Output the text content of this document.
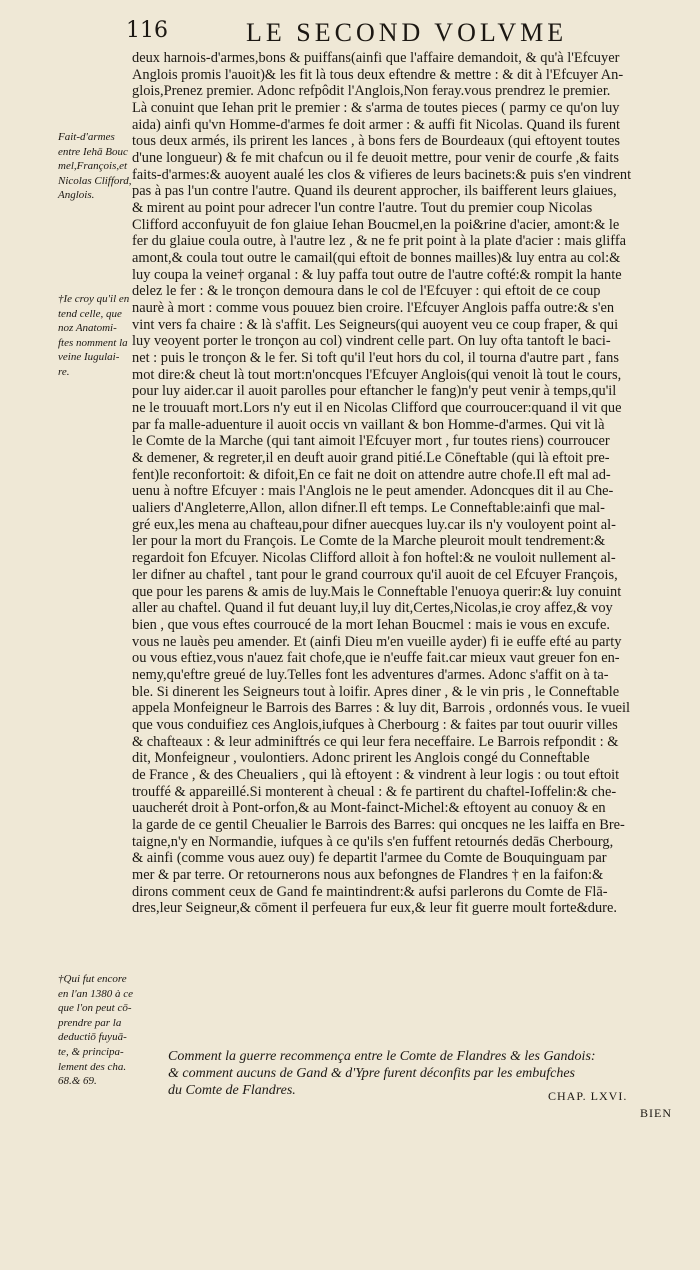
116	LE SECOND VOLVME
Fait-d'armes
entre Iehā Bouc
mel,François,et
Nicolas Clifford,
Anglois.
†Ie croy qu'il en
tend celle, que
noz Anatomi-
ftes nomment la
veine Iugulai-
re.
†Qui fut encore
en l'an 1380 à ce
que l'on peut cō-
prendre par la
deductiō fuyuā-
te, & principa-
lement des cha.
68.& 69.
deux harnois-d'armes,bons & puiffans(ainfi que l'affaire demandoit, & qu'à l'Efcuyer
Anglois promis l'auoit)& les fit là tous deux eftendre & mettre : & dit à l'Efcuyer An-
glois,Prenez premier. Adonc refpôdit l'Anglois,Non feray.vous prendrez le premier.
Là conuint que Iehan prit le premier : & s'arma de toutes pieces ( parmy ce qu'on luy
aida) ainfi qu'vn Homme-d'armes fe doit armer : & auffi fit Nicolas. Quand ils furent
tous deux armés, ils prirent les lances , à bons fers de Bourdeaux (qui eftoyent toutes
d'une longueur) & fe mit chafcun ou il fe deuoit mettre, pour venir de courfe ,& faits
faits-d'armes:& auoyent aualé les clos & vifieres de leurs bacinets:& puis s'en vindrent
pas à pas l'un contre l'autre. Quand ils deurent approcher, ils baifferent leurs glaiues,
& mirent au point pour adrecer l'un contre l'autre. Tout du premier coup Nicolas
Clifford acconfuyuit de fon glaiue Iehan Boucmel,en la poi&rine d'acier, amont:& le
fer du glaiue coula outre, à l'autre lez , & ne fe prit point à la plate d'acier : mais gliffa
amont,& coula tout outre le camail(qui eftoit de bonnes mailles)& luy entra au col:&
luy coupa la veine† organal : & luy paffa tout outre de l'autre cofté:& rompit la hante
delez le fer : & le tronçon demoura dans le col de l'Efcuyer : qui eftoit de ce coup
naurè à mort : comme vous pouuez bien croire. l'Efcuyer Anglois paffa outre:& s'en
vint vers fa chaire : & là s'affit. Les Seigneurs(qui auoyent veu ce coup fraper, & qui
luy veoyent porter le tronçon au col) vindrent celle part. On luy ofta tantoft le baci-
net : puis le tronçon & le fer. Si toft qu'il l'eut hors du col, il tourna d'autre part , fans
mot dire:& cheut là tout mort:n'oncques l'Efcuyer Anglois(qui venoit là tout le cours,
pour luy aider.car il auoit parolles pour eftancher le fang)n'y peut venir à temps,qu'il
ne le trouuaft mort.Lors n'y eut il en Nicolas Clifford que courroucer:quand il vit que
par fa malle-aduenture il auoit occis vn vaillant & bon Homme-d'armes. Qui vit là
le Comte de la Marche (qui tant aimoit l'Efcuyer mort , fur toutes riens) courroucer
& demener, & regreter,il en deuft auoir grand pitié.Le Cōneftable (qui là eftoit pre-
fent)le reconfortoit: & difoit,En ce fait ne doit on attendre autre chofe.Il eft mal ad-
uenu à noftre Efcuyer : mais l'Anglois ne le peut amender. Adoncques dit il au Che-
ualiers d'Angleterre,Allon, allon difner.Il eft temps. Le Conneftable:ainfi que mal-
gré eux,les mena au chafteau,pour difner auecques luy.car ils n'y vouloyent point al-
ler pour la mort du François. Le Comte de la Marche pleuroit moult tendrement:&
regardoit fon Efcuyer. Nicolas Clifford alloit à fon hoftel:& ne vouloit nullement al-
ler difner au chaftel , tant pour le grand courroux qu'il auoit de cel Efcuyer François,
que pour les parens & amis de luy.Mais le Conneftable l'enuoya querir:& luy conuint
aller au chaftel. Quand il fut deuant luy,il luy dit,Certes,Nicolas,ie croy affez,& voy
bien , que vous eftes courroucé de la mort Iehan Boucmel : mais ie vous en excufe.
vous ne lauès peu amender. Et (ainfi Dieu m'en vueille ayder) fi ie euffe efté au party
ou vous eftiez,vous n'auez fait chofe,que ie n'euffe fait.car mieux vaut greuer fon en-
nemy,qu'eftre greué de luy.Telles font les adventures d'armes. Adonc s'affit on à ta-
ble. Si dinerent les Seigneurs tout à loifir. Apres diner , & le vin pris , le Conneftable
appela Monfeigneur le Barrois des Barres : & luy dit, Barrois , ordonnés vous. Ie vueil
que vous conduifiez ces Anglois,iufques à Cherbourg : & faites par tout ouurir villes
& chafteaux : & leur adminiftrés ce qui leur fera neceffaire. Le Barrois refpondit : &
dit, Monfeigneur , voulontiers. Adonc prirent les Anglois congé du Conneftable
de France , & des Cheualiers , qui là eftoyent : & vindrent à leur logis : ou tout eftoit
trouffé & appareillé.Si monterent à cheual : & fe partirent du chaftel-Ioffelin:& che-
uaucherét droit à Pont-orfon,& au Mont-fainct-Michel:& eftoyent au conuoy & en
la garde de ce gentil Cheualier le Barrois des Barres: qui oncques ne les laiffa en Bre-
taigne,n'y en Normandie, iufques à ce qu'ils s'en fuffent retournés dedās Cherbourg,
& ainfi (comme vous auez ouy) fe departit l'armee du Comte de Bouquinguam par
mer & par terre. Or retournerons nous aux befongnes de Flandres † en la faifon:&
dirons comment ceux de Gand fe maintindrent:& aufsi parlerons du Comte de Flā-
dres,leur Seigneur,& cōment il perfeuera fur eux,& leur fit guerre moult forte&dure.
Comment la guerre recommença entre le Comte de Flandres & les Gandois:
& comment aucuns de Gand & d'Ypre furent déconfits par les embufches
du Comte de Flandres.	CHAP. LXVI.
BIEN
